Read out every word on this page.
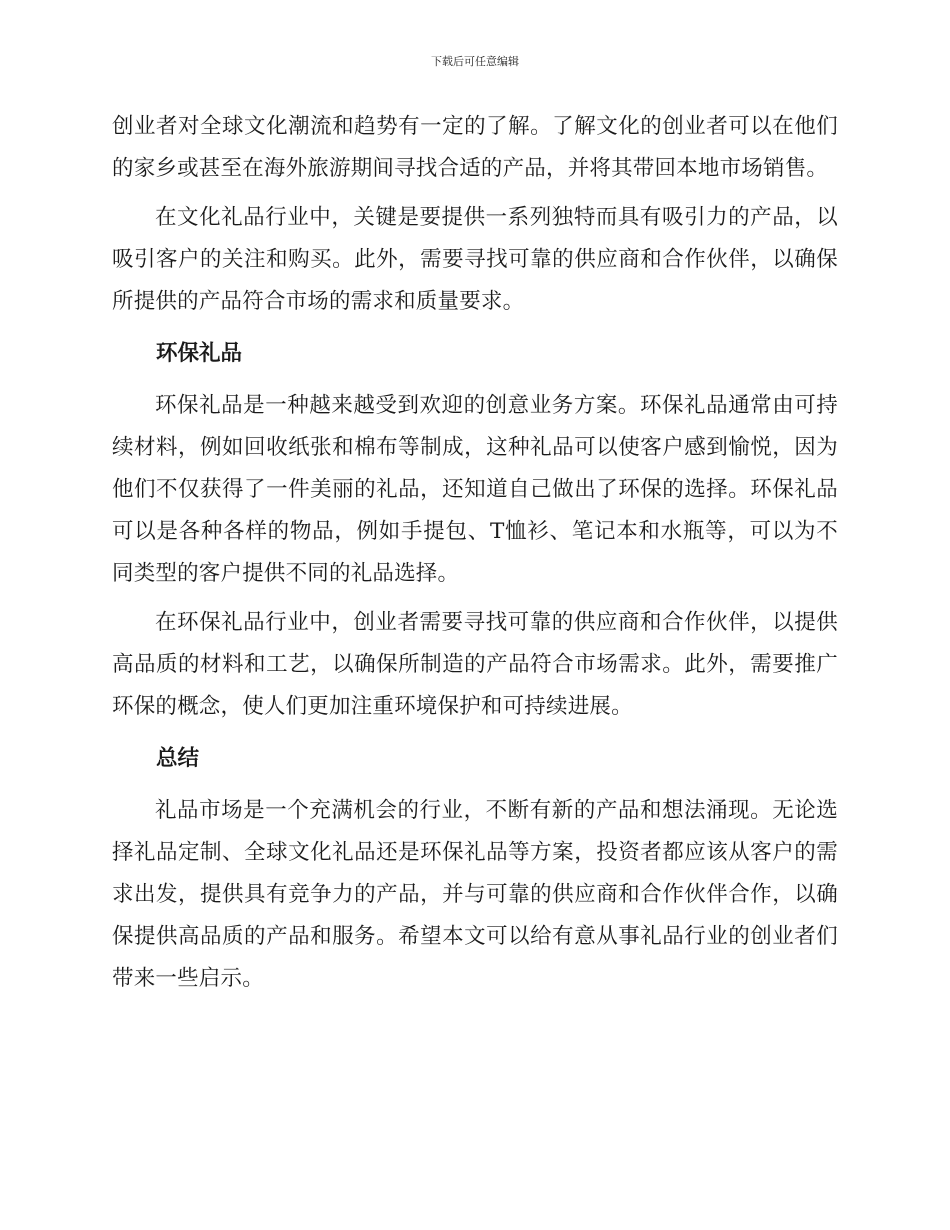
下载后可任意编辑

创业者对全球文化潮流和趋势有一定的了解。了解文化的创业者可以在他们的家乡或甚至在海外旅游期间寻找合适的产品，并将其带回本地市场销售。

在文化礼品行业中，关键是要提供一系列独特而具有吸引力的产品，以吸引客户的关注和购买。此外，需要寻找可靠的供应商和合作伙伴，以确保所提供的产品符合市场的需求和质量要求。

环保礼品

环保礼品是一种越来越受到欢迎的创意业务方案。环保礼品通常由可持续材料，例如回收纸张和棉布等制成，这种礼品可以使客户感到愉悦，因为他们不仅获得了一件美丽的礼品，还知道自己做出了环保的选择。环保礼品可以是各种各样的物品，例如手提包、T恤衫、笔记本和水瓶等，可以为不同类型的客户提供不同的礼品选择。

在环保礼品行业中，创业者需要寻找可靠的供应商和合作伙伴，以提供高品质的材料和工艺，以确保所制造的产品符合市场需求。此外，需要推广环保的概念，使人们更加注重环境保护和可持续进展。

总结

礼品市场是一个充满机会的行业，不断有新的产品和想法涌现。无论选择礼品定制、全球文化礼品还是环保礼品等方案，投资者都应该从客户的需求出发，提供具有竞争力的产品，并与可靠的供应商和合作伙伴合作，以确保提供高品质的产品和服务。希望本文可以给有意从事礼品行业的创业者们带来一些启示。
